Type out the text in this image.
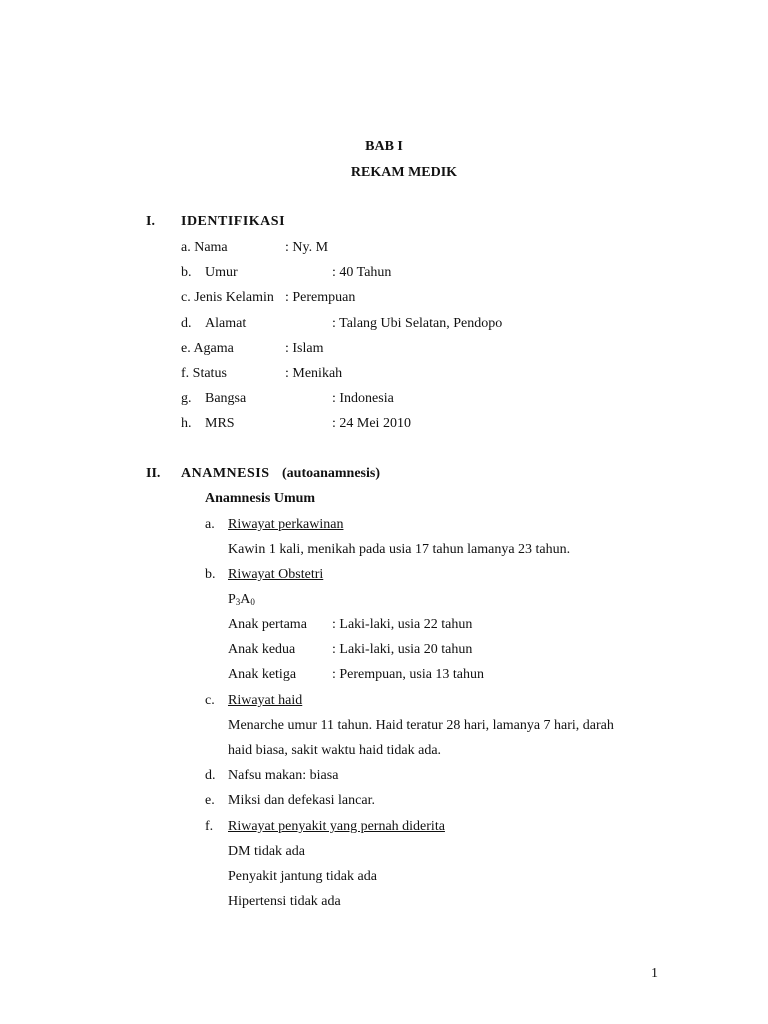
BAB I
REKAM MEDIK
I. IDENTIFIKASI
a. Nama	: Ny. M
b. Umur	: 40 Tahun
c. Jenis Kelamin : Perempuan
d. Alamat	: Talang Ubi Selatan, Pendopo
e. Agama	: Islam
f. Status	: Menikah
g. Bangsa	: Indonesia
h. MRS	: 24 Mei 2010
II. ANAMNESIS (autoanamnesis)
Anamnesis Umum
a. Riwayat perkawinan
Kawin 1 kali, menikah pada usia 17 tahun lamanya 23 tahun.
b. Riwayat Obstetri
$P_3A_0$
Anak pertama : Laki-laki, usia 22 tahun
Anak kedua	: Laki-laki, usia 20 tahun
Anak ketiga	: Perempuan, usia 13 tahun
c. Riwayat haid
Menarche umur 11 tahun. Haid teratur 28 hari, lamanya 7 hari, darah
haid biasa, sakit waktu haid tidak ada.
d. Nafsu makan: biasa
e. Miksi dan defekasi lancar.
f. Riwayat penyakit yang pernah diderita
DM tidak ada
Penyakit jantung tidak ada
Hipertensi tidak ada
1
